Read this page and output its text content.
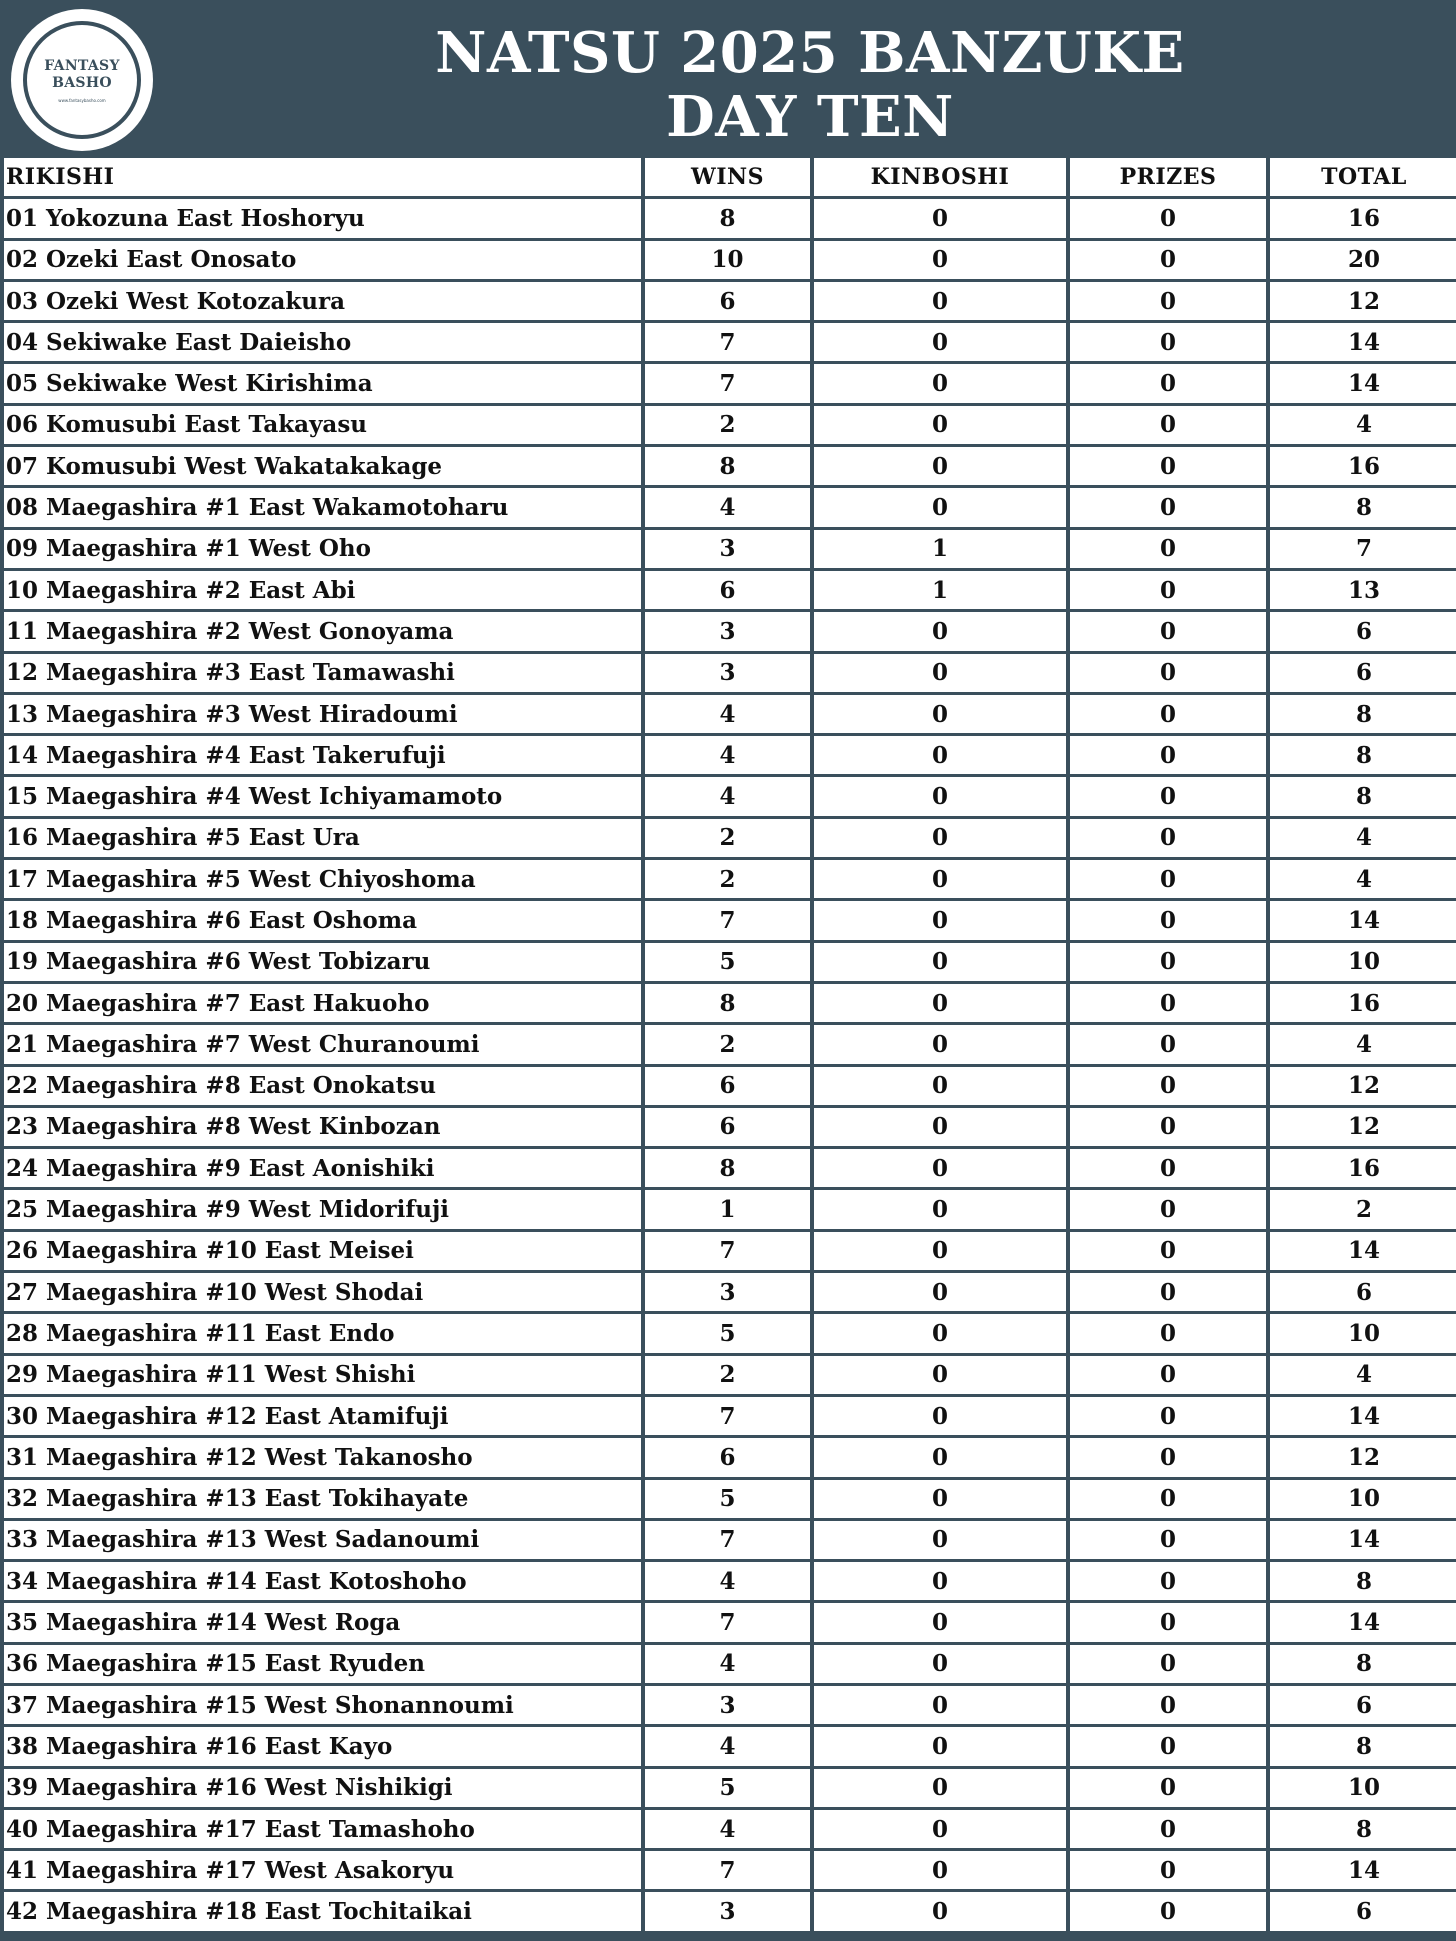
FANTASY
BASHO
www.fantasybasho.com
NATSU 2025 BANZUKE
DAY TEN
RIKISHI	WINS	KINBOSHI	PRIZES	TOTAL
01 Yokozuna East Hoshoryu	8	0	0	16
02 Ozeki East Onosato	10	0	0	20
03 Ozeki West Kotozakura	6	0	0	12
04 Sekiwake East Daieisho	7	0	0	14
05 Sekiwake West Kirishima	7	0	0	14
06 Komusubi East Takayasu	2	0	0	4
07 Komusubi West Wakatakakage	8	0	0	16
08 Maegashira #1 East Wakamotoharu	4	0	0	8
09 Maegashira #1 West Oho	3	1	0	7
10 Maegashira #2 East Abi	6	1	0	13
11 Maegashira #2 West Gonoyama	3	0	0	6
12 Maegashira #3 East Tamawashi	3	0	0	6
13 Maegashira #3 West Hiradoumi	4	0	0	8
14 Maegashira #4 East Takerufuji	4	0	0	8
15 Maegashira #4 West Ichiyamamoto	4	0	0	8
16 Maegashira #5 East Ura	2	0	0	4
17 Maegashira #5 West Chiyoshoma	2	0	0	4
18 Maegashira #6 East Oshoma	7	0	0	14
19 Maegashira #6 West Tobizaru	5	0	0	10
20 Maegashira #7 East Hakuoho	8	0	0	16
21 Maegashira #7 West Churanoumi	2	0	0	4
22 Maegashira #8 East Onokatsu	6	0	0	12
23 Maegashira #8 West Kinbozan	6	0	0	12
24 Maegashira #9 East Aonishiki	8	0	0	16
25 Maegashira #9 West Midorifuji	1	0	0	2
26 Maegashira #10 East Meisei	7	0	0	14
27 Maegashira #10 West Shodai	3	0	0	6
28 Maegashira #11 East Endo	5	0	0	10
29 Maegashira #11 West Shishi	2	0	0	4
30 Maegashira #12 East Atamifuji	7	0	0	14
31 Maegashira #12 West Takanosho	6	0	0	12
32 Maegashira #13 East Tokihayate	5	0	0	10
33 Maegashira #13 West Sadanoumi	7	0	0	14
34 Maegashira #14 East Kotoshoho	4	0	0	8
35 Maegashira #14 West Roga	7	0	0	14
36 Maegashira #15 East Ryuden	4	0	0	8
37 Maegashira #15 West Shonannoumi	3	0	0	6
38 Maegashira #16 East Kayo	4	0	0	8
39 Maegashira #16 West Nishikigi	5	0	0	10
40 Maegashira #17 East Tamashoho	4	0	0	8
41 Maegashira #17 West Asakoryu	7	0	0	14
42 Maegashira #18 East Tochitaikai	3	0	0	6
